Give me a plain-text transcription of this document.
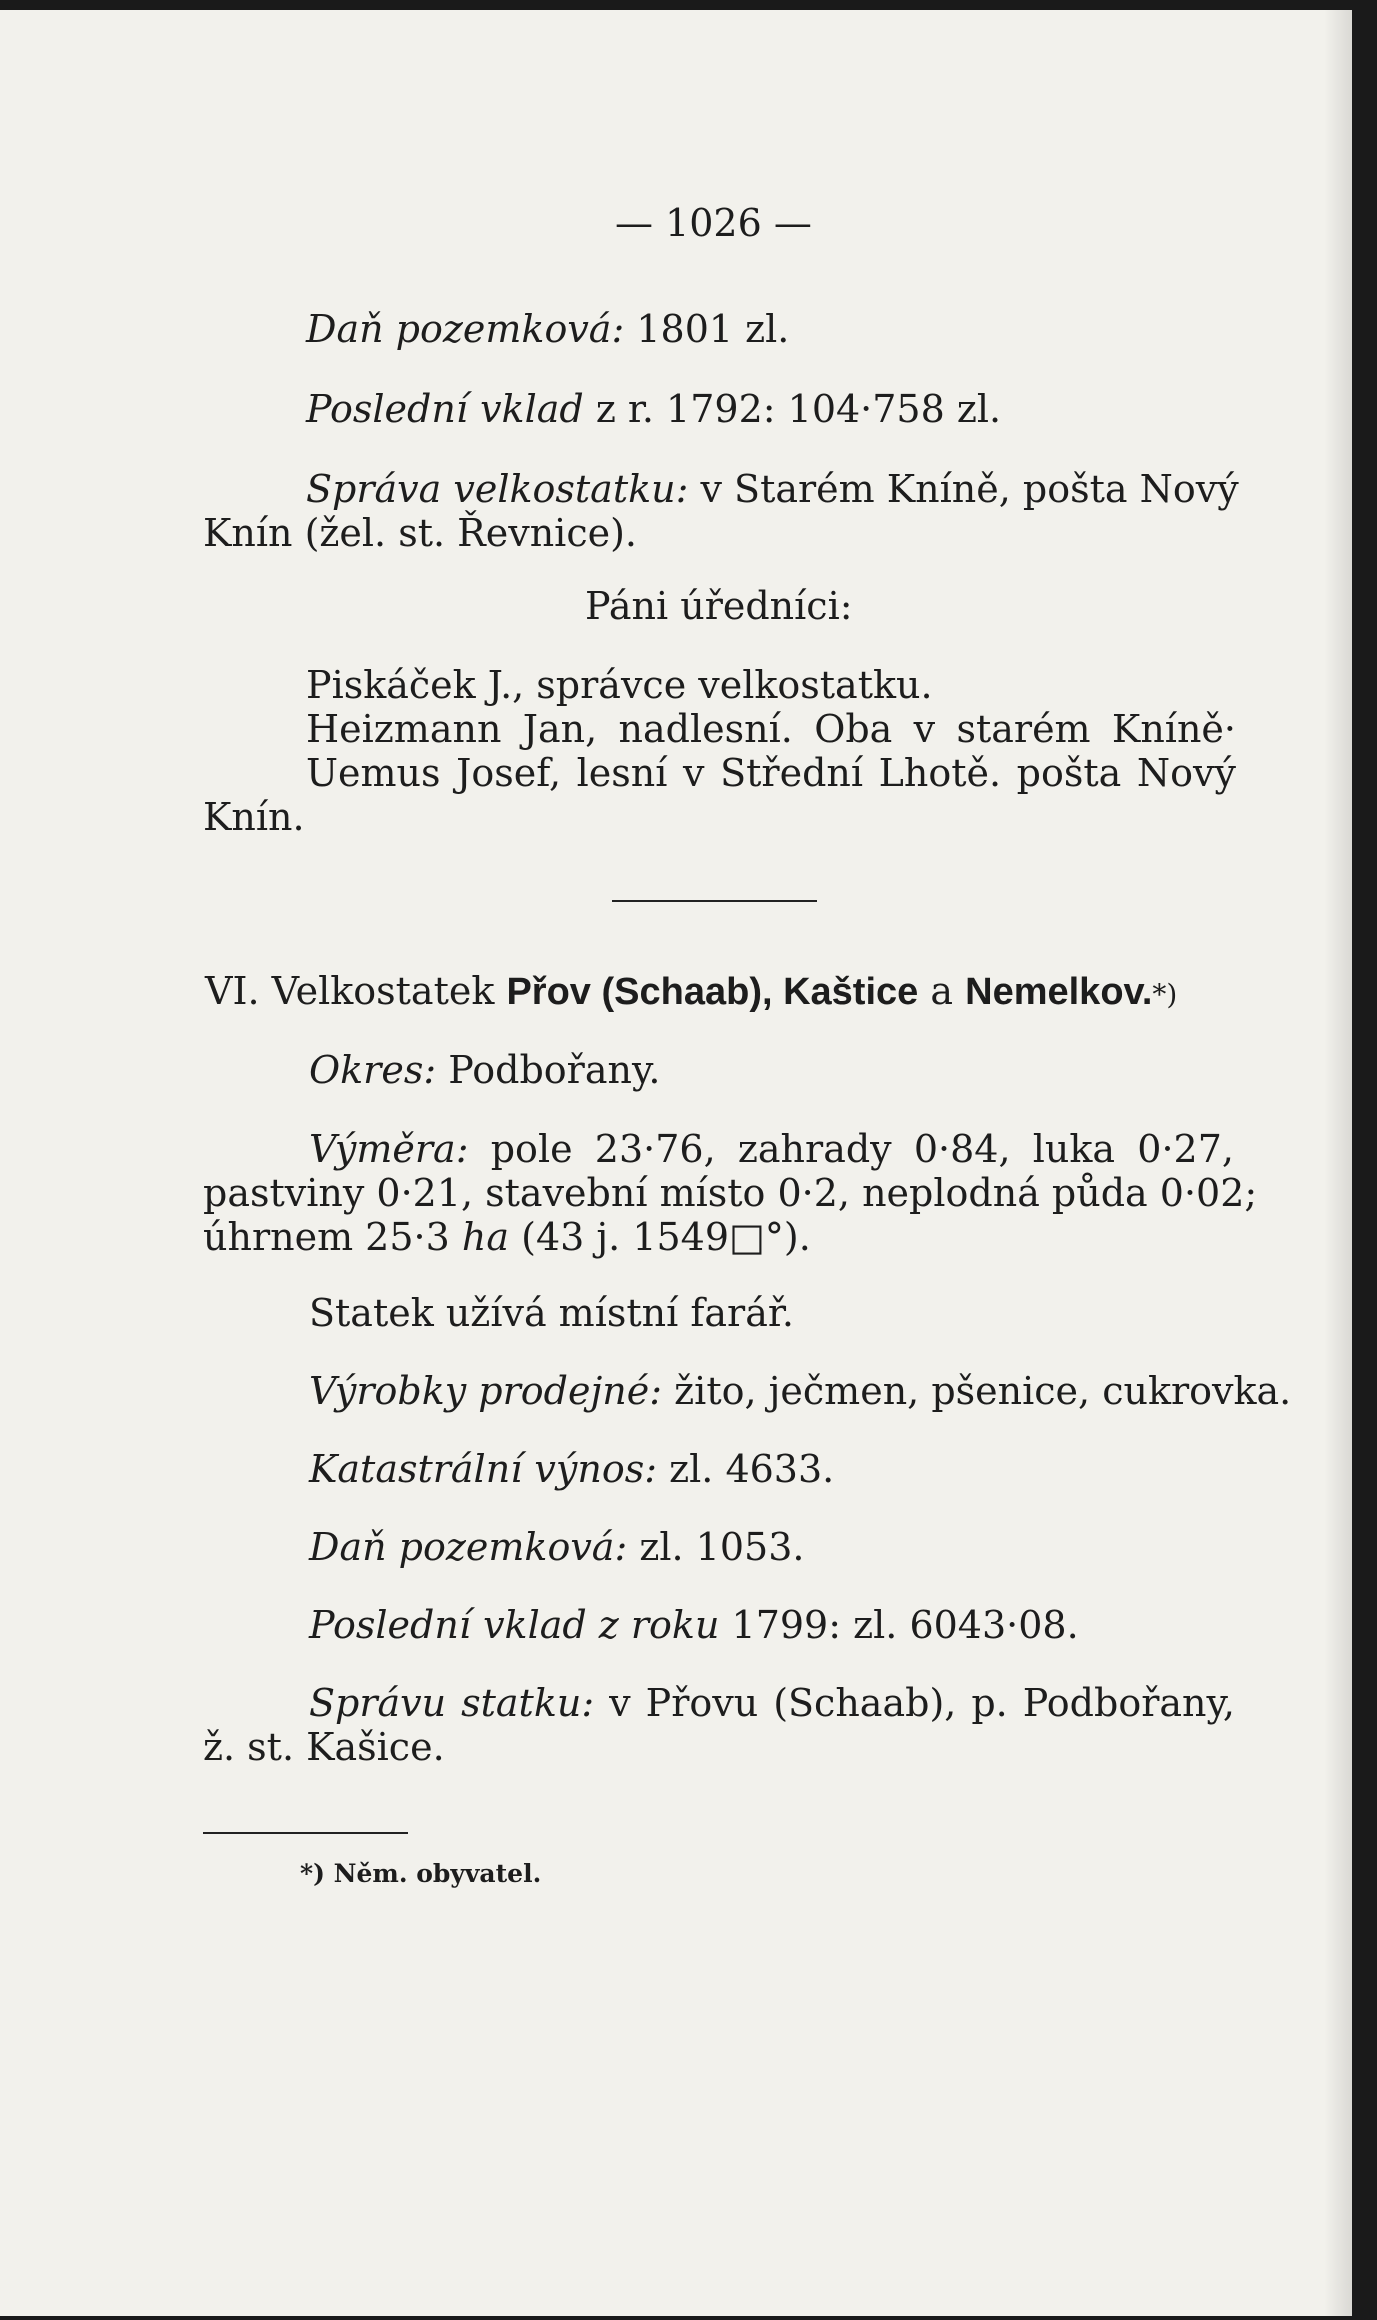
— 1026 —
Daň pozemková: 1801 zl.
Poslední vklad z r. 1792: 104·758 zl.
Správa velkostatku: v Starém Kníně, pošta Nový
Knín (žel. st. Řevnice).
Páni úředníci:
Piskáček J., správce velkostatku.
Heizmann Jan, nadlesní. Oba v starém Kníně·
Uemus Josef, lesní v Střední Lhotě. pošta Nový
Knín.
VI. Velkostatek Přov (Schaab), Kaštice a Nemelkov.*)
Okres: Podbořany.
Výměra: pole 23·76, zahrady 0·84, luka 0·27,
pastviny 0·21, stavební místo 0·2, neplodná půda 0·02;
úhrnem 25·3 ha (43 j. 1549□°).
Statek užívá místní farář.
Výrobky prodejné: žito, ječmen, pšenice, cukrovka.
Katastrální výnos: zl. 4633.
Daň pozemková: zl. 1053.
Poslední vklad z roku 1799: zl. 6043·08.
Správu statku: v Přovu (Schaab), p. Podbořany,
ž. st. Kašice.
*) Něm. obyvatel.
